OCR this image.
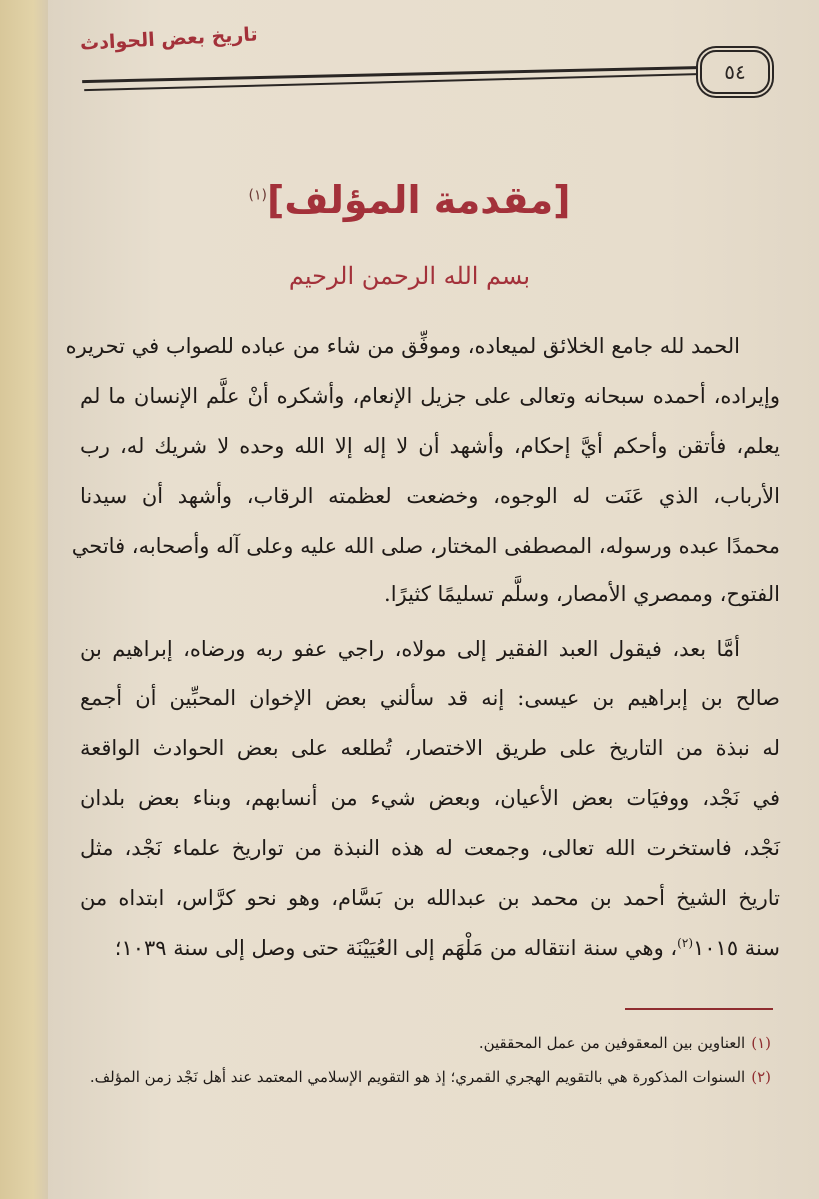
تاريخ بعض الحوادث
٥٤
[مقدمة المؤلف]$^{(١)}$
بسم الله الرحمن الرحيم
الحمد لله جامع الخلائق لميعاده، وموفِّق من شاء من عباده للصواب في تحريره
وإيراده، أحمده سبحانه وتعالى على جزيل الإنعام، وأشكره أنْ علَّم الإنسان ما لم
يعلم، فأتقن وأحكم أيَّ إحكام، وأشهد أن لا إله إلا الله وحده لا شريك له، رب
الأرباب، الذي عَنَت له الوجوه، وخضعت لعظمته الرقاب، وأشهد أن سيدنا
محمدًا عبده ورسوله، المصطفى المختار، صلى الله عليه وعلى آله وأصحابه، فاتحي
الفتوح، وممصري الأمصار، وسلَّم تسليمًا كثيرًا.
أمَّا بعد، فيقول العبد الفقير إلى مولاه، راجي عفو ربه ورضاه، إبراهيم بن
صالح بن إبراهيم بن عيسى: إنه قد سألني بعض الإخوان المحبِّين أن أجمع
له نبذة من التاريخ على طريق الاختصار، تُطلعه على بعض الحوادث الواقعة
في نَجْد، ووفيَات بعض الأعيان، وبعض شيء من أنسابهم، وبناء بعض بلدان
نَجْد، فاستخرت الله تعالى، وجمعت له هذه النبذة من تواريخ علماء نَجْد، مثل
تاريخ الشيخ أحمد بن محمد بن عبدالله بن بَسَّام، وهو نحو كرَّاس، ابتداه من
سنة ١٠١٥$^{(٢)}$، وهي سنة انتقاله من مَلْهَم إلى العُيَيْنَة حتى وصل إلى سنة ١٠٣٩؛
(١)العناوين بين المعقوفين من عمل المحققين.
(٢)السنوات المذكورة هي بالتقويم الهجري القمري؛ إذ هو التقويم الإسلامي المعتمد عند أهل نَجْد زمن المؤلف.
